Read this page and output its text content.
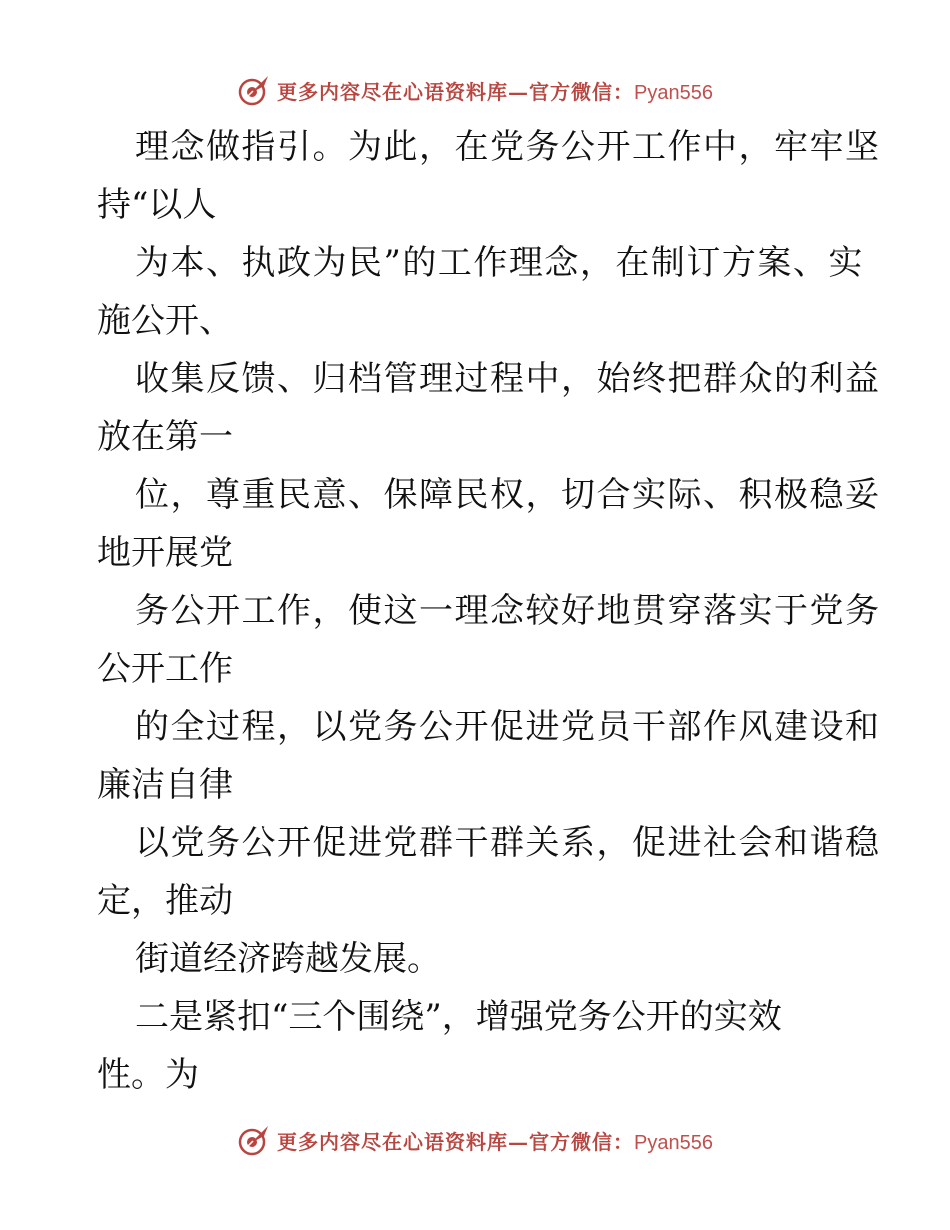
更多内容尽在心语资料库—官方微信：Pyan556
理念做指引。为此，在党务公开工作中，牢牢坚
持“以人
为本、执政为民”的工作理念，在制订方案、实
施公开、
收集反馈、归档管理过程中，始终把群众的利益
放在第一
位，尊重民意、保障民权，切合实际、积极稳妥
地开展党
务公开工作，使这一理念较好地贯穿落实于党务
公开工作
的全过程，以党务公开促进党员干部作风建设和
廉洁自律
以党务公开促进党群干群关系，促进社会和谐稳
定，推动
街道经济跨越发展。
二是紧扣“三个围绕”，增强党务公开的实效
性。为
更多内容尽在心语资料库—官方微信：Pyan556
